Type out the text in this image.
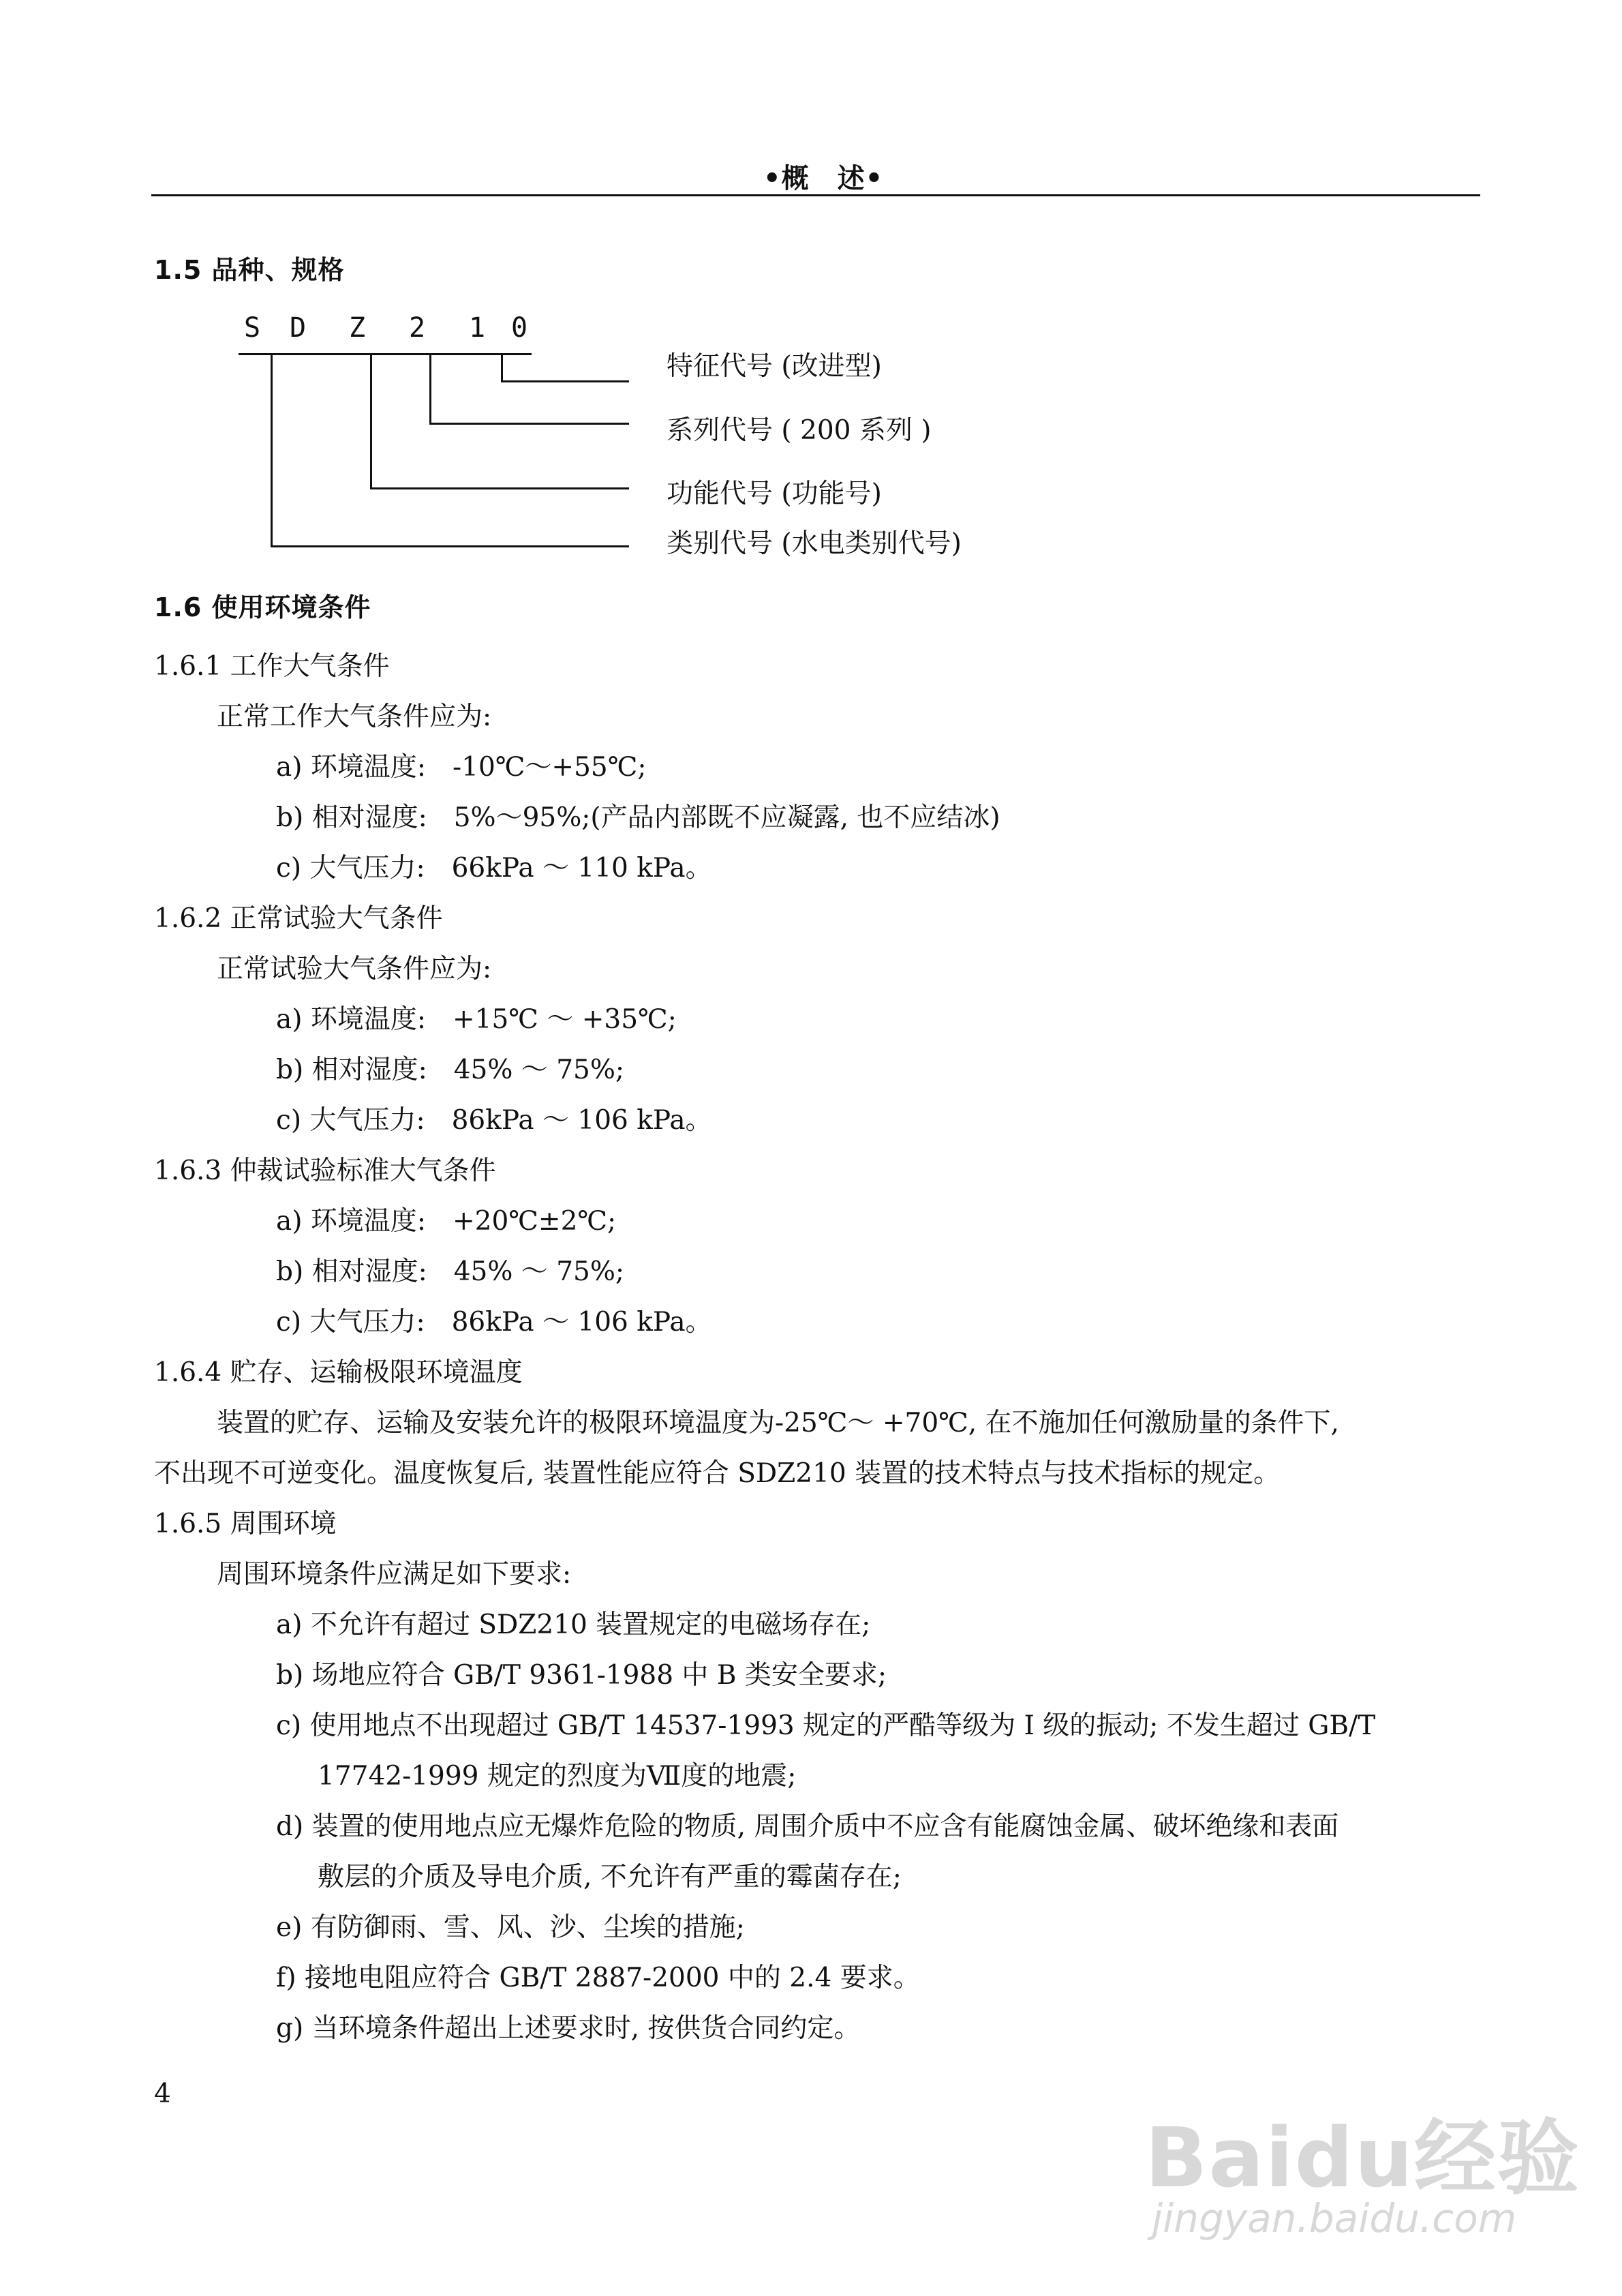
•概　述•
1.5 品种、规格
S D Z 2 1 0
特征代号 (改进型)
系列代号 ( 200 系列 )
功能代号 (功能号)
类别代号 (水电类别代号)
1.6 使用环境条件
1.6.1 工作大气条件
正常工作大气条件应为:
a) 环境温度:　-10℃～+55℃;
b) 相对湿度:　5%～95%;(产品内部既不应凝露, 也不应结冰)
c) 大气压力:　66kPa ～ 110 kPa。
1.6.2 正常试验大气条件
正常试验大气条件应为:
a) 环境温度:　+15℃ ～ +35℃;
b) 相对湿度:　45% ～ 75%;
c) 大气压力:　86kPa ～ 106 kPa。
1.6.3 仲裁试验标准大气条件
a) 环境温度:　+20℃±2℃;
b) 相对湿度:　45% ～ 75%;
c) 大气压力:　86kPa ～ 106 kPa。
1.6.4 贮存、运输极限环境温度
装置的贮存、运输及安装允许的极限环境温度为-25℃～ +70℃, 在不施加任何激励量的条件下,
不出现不可逆变化。温度恢复后, 装置性能应符合 SDZ210 装置的技术特点与技术指标的规定。
1.6.5 周围环境
周围环境条件应满足如下要求:
a) 不允许有超过 SDZ210 装置规定的电磁场存在;
b) 场地应符合 GB/T 9361-1988 中 B 类安全要求;
c) 使用地点不出现超过 GB/T 14537-1993 规定的严酷等级为 I 级的振动; 不发生超过 GB/T
17742-1999 规定的烈度为Ⅶ度的地震;
d) 装置的使用地点应无爆炸危险的物质, 周围介质中不应含有能腐蚀金属、破坏绝缘和表面
敷层的介质及导电介质, 不允许有严重的霉菌存在;
e) 有防御雨、雪、风、沙、尘埃的措施;
f) 接地电阻应符合 GB/T 2887-2000 中的 2.4 要求。
g) 当环境条件超出上述要求时, 按供货合同约定。
4
Baidu经验
jingyan.baidu.com
